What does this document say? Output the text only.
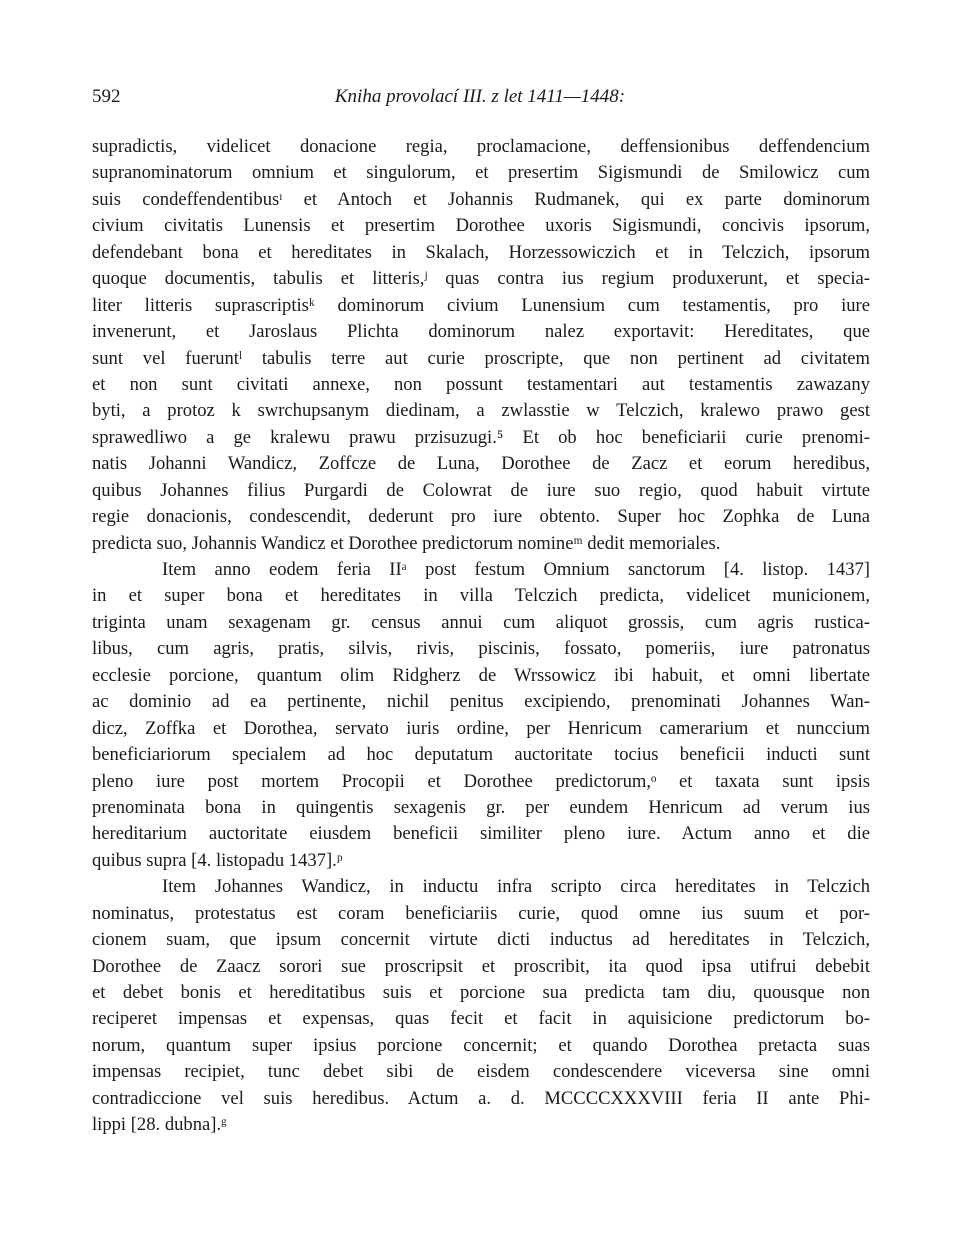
592	Kniha provolací III. z let 1411—1448:
supradictis, videlicet donacione regia, proclamacione, deffensionibus deffendencium
supranominatorum omnium et singulorum, et presertim Sigismundi de Smilowicz cum
suis condeffendentibusᶦ et Antoch et Johannis Rudmanek, qui ex parte dominorum
civium civitatis Lunensis et presertim Dorothee uxoris Sigismundi, concivis ipsorum,
defendebant bona et hereditates in Skalach, Horzessowiczich et in Telczich, ipsorum
quoque documentis, tabulis et litteris,ʲ quas contra ius regium produxerunt, et specia-
liter litteris suprascriptisᵏ dominorum civium Lunensium cum testamentis, pro iure
invenerunt, et Jaroslaus Plichta dominorum nalez exportavit: Hereditates, que
sunt vel fueruntˡ tabulis terre aut curie proscripte, que non pertinent ad civitatem
et non sunt civitati annexe, non possunt testamentari aut testamentis zawazany
byti, a protoz k swrchupsanym diedinam, a zwlasstie w Telczich, kralewo prawo gest
sprawedliwo a ge kralewu prawu przisuzugi.⁵ Et ob hoc beneficiarii curie prenomi-
natis Johanni Wandicz, Zoffcze de Luna, Dorothee de Zacz et eorum heredibus,
quibus Johannes filius Purgardi de Colowrat de iure suo regio, quod habuit virtute
regie donacionis, condescendit, dederunt pro iure obtento. Super hoc Zophka de Luna
predicta suo, Johannis Wandicz et Dorothee predictorum nomineᵐ dedit memoriales.
Item anno eodem feria IIᵃ post festum Omnium sanctorum [4. listop. 1437]
in et super bona et hereditates in villa Telczich predicta, videlicet municionem,
triginta unam sexagenam gr. census annui cum aliquot grossis, cum agris rustica-
libus, cum agris, pratis, silvis, rivis, piscinis, fossato, pomeriis, iure patronatus
ecclesie porcione, quantum olim Ridgherz de Wrssowicz ibi habuit, et omni libertate
ac dominio ad ea pertinente, nichil penitus excipiendo, prenominati Johannes Wan-
dicz, Zoffka et Dorothea, servato iuris ordine, per Henricum camerarium et nunccium
beneficiariorum specialem ad hoc deputatum auctoritate tocius beneficii inducti sunt
pleno iure post mortem Procopii et Dorothee predictorum,ᵒ et taxata sunt ipsis
prenominata bona in quingentis sexagenis gr. per eundem Henricum ad verum ius
hereditarium auctoritate eiusdem beneficii similiter pleno iure. Actum anno et die
quibus supra [4. listopadu 1437].ᵖ
Item Johannes Wandicz, in inductu infra scripto circa hereditates in Telczich
nominatus, protestatus est coram beneficiariis curie, quod omne ius suum et por-
cionem suam, que ipsum concernit virtute dicti inductus ad hereditates in Telczich,
Dorothee de Zaacz sorori sue proscripsit et proscribit, ita quod ipsa utifrui debebit
et debet bonis et hereditatibus suis et porcione sua predicta tam diu, quousque non
reciperet impensas et expensas, quas fecit et facit in aquisicione predictorum bo-
norum, quantum super ipsius porcione concernit; et quando Dorothea pretacta suas
impensas recipiet, tunc debet sibi de eisdem condescendere viceversa sine omni
contradiccione vel suis heredibus. Actum a. d. MCCCCXXXVIII feria II ante Phi-
lippi [28. dubna].ᵍ
